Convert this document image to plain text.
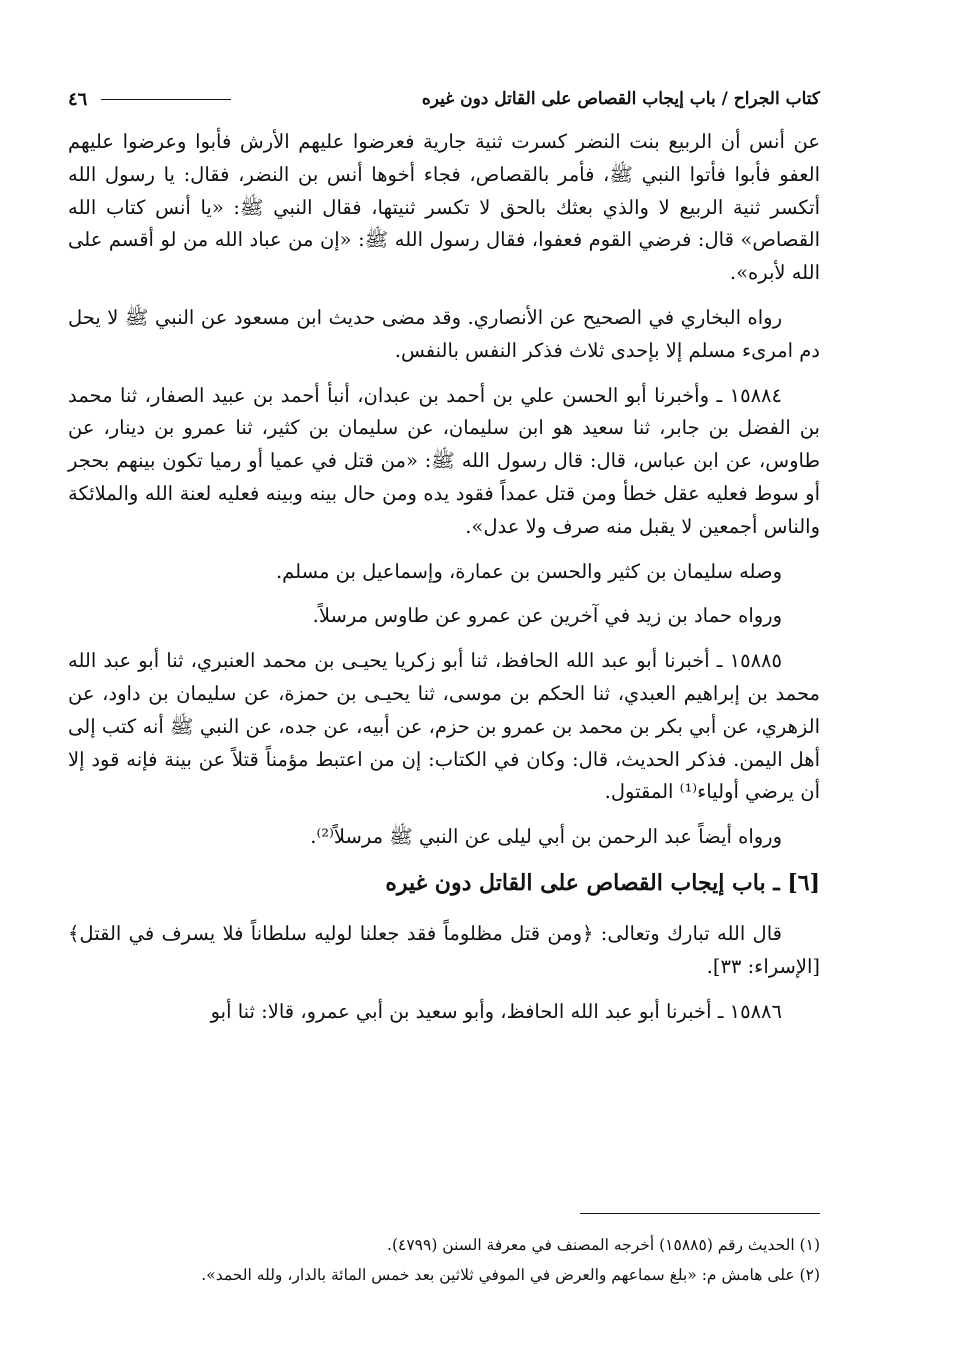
كتاب الجراح / باب إيجاب القصاص على القاتل دون غيره
٤٦

عن أنس أن الربيع بنت النضر كسرت ثنية جارية فعرضوا عليهم الأرش فأبوا وعرضوا عليهم العفو فأبوا فأتوا النبي ﷺ، فأمر بالقصاص، فجاء أخوها أنس بن النضر، فقال: يا رسول الله أتكسر ثنية الربيع لا والذي بعثك بالحق لا تكسر ثنيتها، فقال النبي ﷺ: «يا أنس كتاب الله القصاص» قال: فرضي القوم فعفوا، فقال رسول الله ﷺ: «إن من عباد الله من لو أقسم على الله لأبره».

رواه البخاري في الصحيح عن الأنصاري. وقد مضى حديث ابن مسعود عن النبي ﷺ لا يحل دم امرىء مسلم إلا بإحدى ثلاث فذكر النفس بالنفس.

١٥٨٨٤ ـ وأخبرنا أبو الحسن علي بن أحمد بن عبدان، أنبأ أحمد بن عبيد الصفار، ثنا محمد بن الفضل بن جابر، ثنا سعيد هو ابن سليمان، عن سليمان بن كثير، ثنا عمرو بن دينار، عن طاوس، عن ابن عباس، قال: قال رسول الله ﷺ: «من قتل في عميا أو رميا تكون بينهم بحجر أو سوط فعليه عقل خطأ ومن قتل عمداً فقود يده ومن حال بينه وبينه فعليه لعنة الله والملائكة والناس أجمعين لا يقبل منه صرف ولا عدل».

وصله سليمان بن كثير والحسن بن عمارة، وإسماعيل بن مسلم.

ورواه حماد بن زيد في آخرين عن عمرو عن طاوس مرسلاً.

١٥٨٨٥ ـ أخبرنا أبو عبد الله الحافظ، ثنا أبو زكريا يحيـى بن محمد العنبري، ثنا أبو عبد الله محمد بن إبراهيم العبدي، ثنا الحكم بن موسى، ثنا يحيـى بن حمزة، عن سليمان بن داود، عن الزهري، عن أبي بكر بن محمد بن عمرو بن حزم، عن أبيه، عن جده، عن النبي ﷺ أنه كتب إلى أهل اليمن. فذكر الحديث، قال: وكان في الكتاب: إن من اعتبط مؤمناً قتلاً عن بينة فإنه قود إلا أن يرضي أولياء⁽¹⁾ المقتول.

ورواه أيضاً عبد الرحمن بن أبي ليلى عن النبي ﷺ مرسلاً⁽²⁾.

[٦] ـ باب إيجاب القصاص على القاتل دون غيره

قال الله تبارك وتعالى: ﴿ومن قتل مظلوماً فقد جعلنا لوليه سلطاناً فلا يسرف في القتل﴾ [الإسراء: ٣٣].

١٥٨٨٦ ـ أخبرنا أبو عبد الله الحافظ، وأبو سعيد بن أبي عمرو، قالا: ثنا أبو

(١) الحديث رقم (١٥٨٨٥) أخرجه المصنف في معرفة السنن (٤٧٩٩).

(٢) على هامش م: «بلغ سماعهم والعرض في الموفي ثلاثين بعد خمس المائة بالدار، ولله الحمد».
